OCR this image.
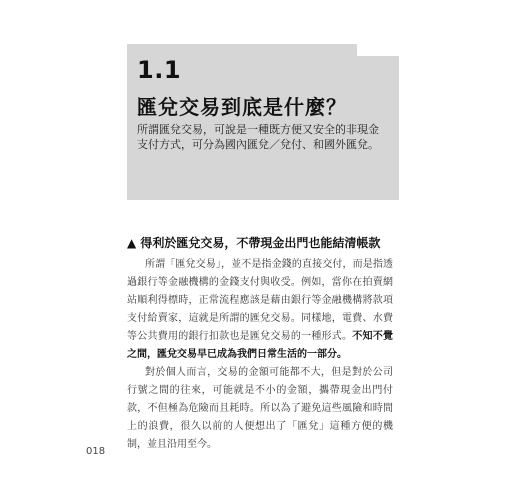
1.1
匯兌交易到底是什麼？
所謂匯兌交易，可說是一種既方便又安全的非現金支付方式，可分為國內匯兌／兌付、和國外匯兌。
▲ 得利於匯兌交易，不帶現金出門也能結清帳款

所謂「匯兌交易」，並不是指金錢的直接交付，而是指透過銀行等金融機構的金錢支付與收受。例如，當你在拍賣網站順利得標時，正常流程應該是藉由銀行等金融機構將款項支付給賣家，這就是所謂的匯兌交易。同樣地，電費、水費等公共費用的銀行扣款也是匯兌交易的一種形式。不知不覺之間，匯兌交易早已成為我們日常生活的一部分。

對於個人而言，交易的金額可能都不大，但是對於公司行號之間的往來，可能就是不小的金額，攜帶現金出門付款，不但極為危險而且耗時。所以為了避免這些風險和時間上的浪費，很久以前的人便想出了「匯兌」這種方便的機制，並且沿用至今。

018
